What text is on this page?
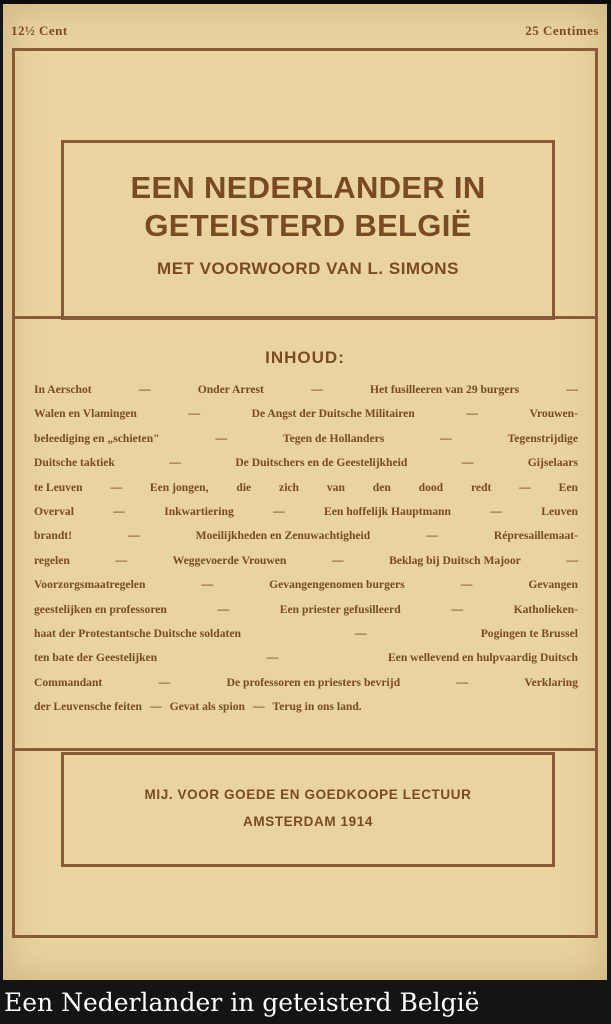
12½ Cent	25 Centimes
EEN NEDERLANDER IN
GETEISTERD BELGIË
MET VOORWOORD VAN L. SIMONS
INHOUD:
In Aerschot	—	Onder Arrest	—	Het fusilleeren van 29 burgers	—
Walen en Vlamingen	—	De Angst der Duitsche Militairen	—	Vrouwen-
beleediging en „schieten"	—	Tegen de Hollanders	—	Tegenstrijdige
Duitsche taktiek	—	De Duitschers en de Geestelijkheid	—	Gijselaars
te Leuven — Een jongen, die zich van den dood redt — Een
Overval	—	Inkwartiering	—	Een hoffelijk Hauptmann	—	Leuven
brandt!	—	Moeilijkheden en Zenuwachtigheid	—	Répresaillemaat-
regelen	—	Weggevoerde Vrouwen	—	Beklag bij Duitsch Majoor	—
Voorzorgsmaatregelen	—	Gevangengenomen burgers	—	Gevangen
geestelijken en professoren	—	Een priester gefusilleerd	—	Katholieken-
haat der Protestantsche Duitsche soldaten	—	Pogingen te Brussel
ten bate der Geestelijken	—	Een wellevend en hulpvaardig Duitsch
Commandant	—	De professoren en priesters bevrijd	—	Verklaring
der Leuvensche feiten — Gevat als spion — Terug in ons land.
MIJ. VOOR GOEDE EN GOEDKOOPE LECTUUR
AMSTERDAM 1914
Een Nederlander in geteisterd België
